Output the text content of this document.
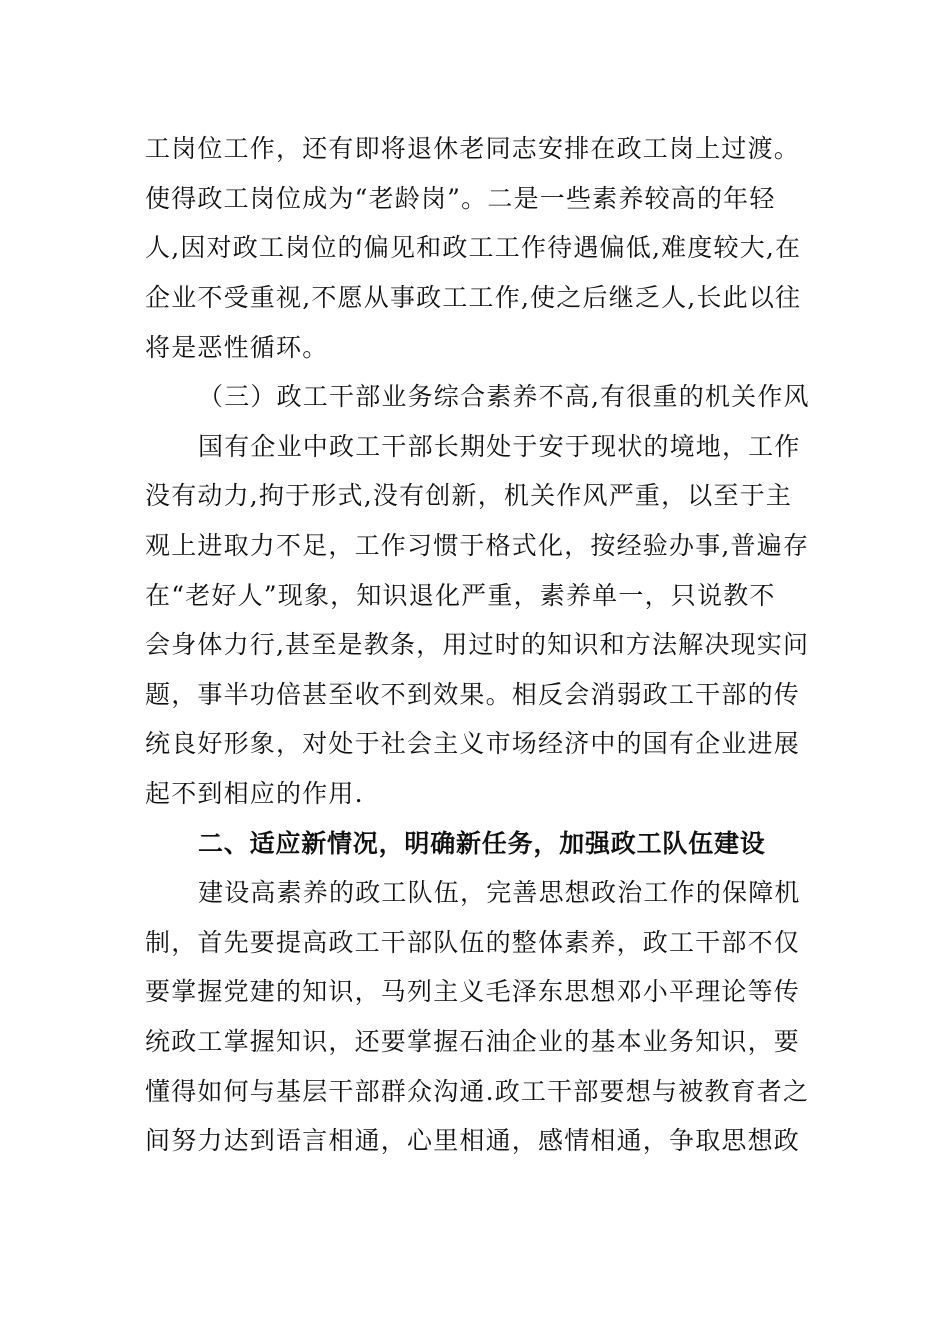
工岗位工作，还有即将退休老同志安排在政工岗上过渡。
使得政工岗位成为“老龄岗”。二是一些素养较高的年轻
人,因对政工岗位的偏见和政工工作待遇偏低,难度较大,在
企业不受重视,不愿从事政工工作,使之后继乏人,长此以往
将是恶性循环。
（三）政工干部业务综合素养不高,有很重的机关作风
国有企业中政工干部长期处于安于现状的境地，工作
没有动力,拘于形式,没有创新，机关作风严重，以至于主
观上进取力不足，工作习惯于格式化，按经验办事,普遍存
在“老好人”现象，知识退化严重，素养单一，只说教不
会身体力行,甚至是教条，用过时的知识和方法解决现实问
题，事半功倍甚至收不到效果。相反会消弱政工干部的传
统良好形象，对处于社会主义市场经济中的国有企业进展
起不到相应的作用.
二、适应新情况，明确新任务，加强政工队伍建设
建设高素养的政工队伍，完善思想政治工作的保障机
制，首先要提高政工干部队伍的整体素养，政工干部不仅
要掌握党建的知识，马列主义毛泽东思想邓小平理论等传
统政工掌握知识，还要掌握石油企业的基本业务知识，要
懂得如何与基层干部群众沟通.政工干部要想与被教育者之
间努力达到语言相通，心里相通，感情相通，争取思想政
